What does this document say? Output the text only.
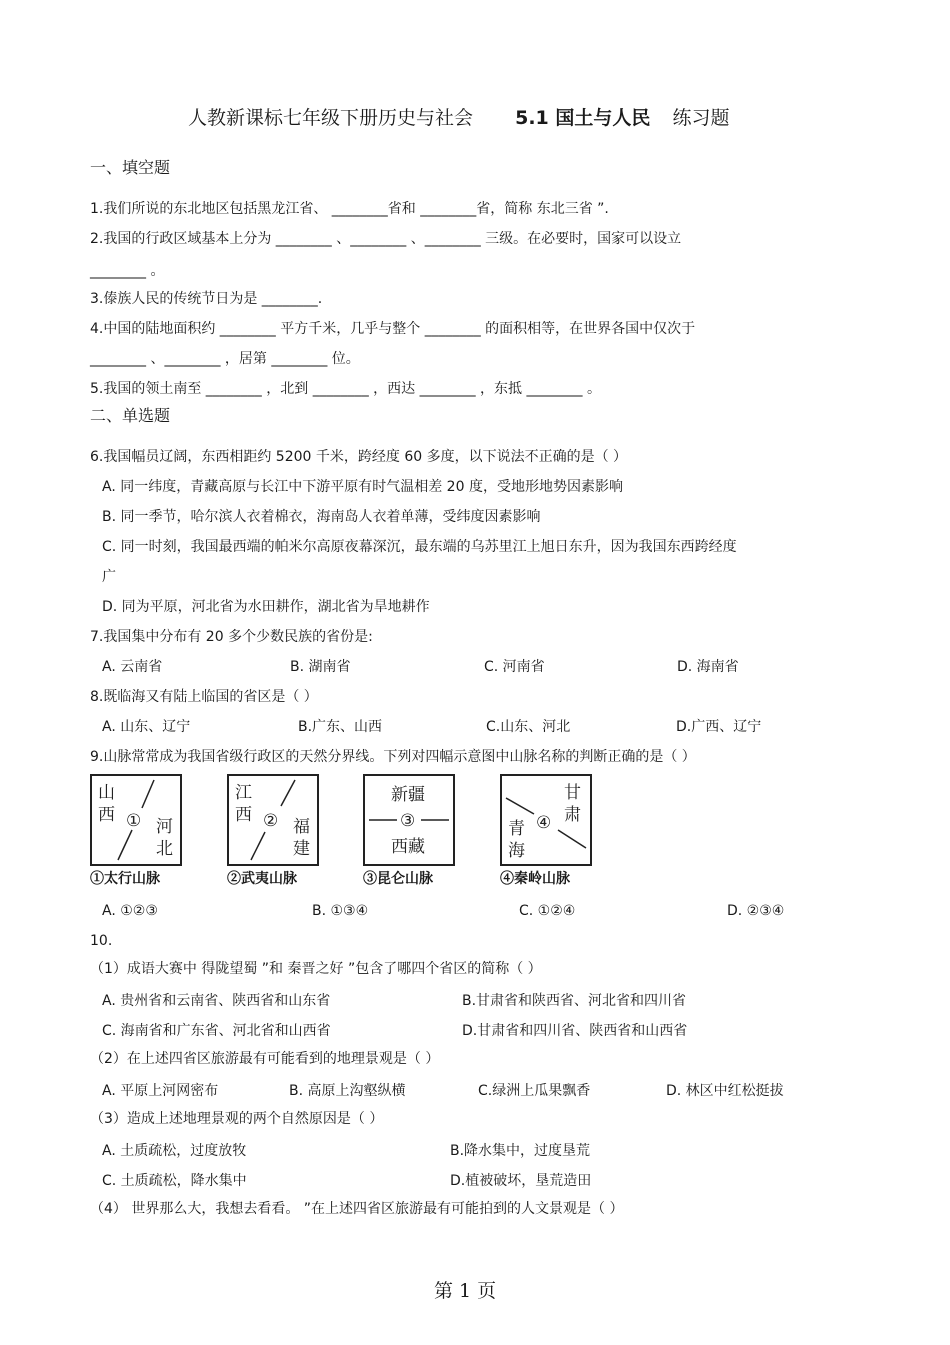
人教新课标七年级下册历史与社会 5.1 国土与人民 练习题
一、填空题
1.我们所说的东北地区包括黑龙江省、 ________省和 ________省，简称 东北三省 ”.
2.我国的行政区域基本上分为 ________ 、________ 、________ 三级。在必要时，国家可以设立
________ 。
3.傣族人民的传统节日为是 ________.
4.中国的陆地面积约 ________ 平方千米，几乎与整个 ________ 的面积相等，在世界各国中仅次于
________ 、________ ，居第 ________ 位。
5.我国的领土南至 ________ ，北到 ________ ，西达 ________ ，东抵 ________ 。
二、单选题
6.我国幅员辽阔，东西相距约 5200 千米，跨经度 60 多度，以下说法不正确的是（ ）
A. 同一纬度，青藏高原与长江中下游平原有时气温相差 20 度，受地形地势因素影响
B. 同一季节，哈尔滨人衣着棉衣，海南岛人衣着单薄，受纬度因素影响
C. 同一时刻，我国最西端的帕米尔高原夜幕深沉，最东端的乌苏里江上旭日东升，因为我国东西跨经度
广
D. 同为平原，河北省为水田耕作，湖北省为旱地耕作
7.我国集中分布有 20 多个少数民族的省份是:
A. 云南省	B. 湖南省	C. 河南省	D. 海南省
8.既临海又有陆上临国的省区是（ ）
A. 山东、辽宁	B.广东、山西	C.山东、河北	D.广西、辽宁
9.山脉常常成为我国省级行政区的天然分界线。下列对四幅示意图中山脉名称的判断正确的是（ ）
山
西 ① 河
北
①太行山脉
江
西 ② 福
建
②武夷山脉
新疆
③
西藏
③昆仑山脉
甘
肃
④
青
海
④秦岭山脉
A. ①②③	B. ①③④	C. ①②④	D. ②③④
10.
（1）成语大赛中 得陇望蜀 ”和 秦晋之好 ”包含了哪四个省区的简称（ ）
A. 贵州省和云南省、陕西省和山东省	B.甘肃省和陕西省、河北省和四川省
C. 海南省和广东省、河北省和山西省	D.甘肃省和四川省、陕西省和山西省
（2）在上述四省区旅游最有可能看到的地理景观是（ ）
A. 平原上河网密布	B. 高原上沟壑纵横	C.绿洲上瓜果飘香	D. 林区中红松挺拔
（3）造成上述地理景观的两个自然原因是（ ）
A. 土质疏松，过度放牧	B.降水集中，过度垦荒
C. 土质疏松，降水集中	D.植被破坏，垦荒造田
（4） 世界那么大，我想去看看。 ”在上述四省区旅游最有可能拍到的人文景观是（ ）
第 1 页
